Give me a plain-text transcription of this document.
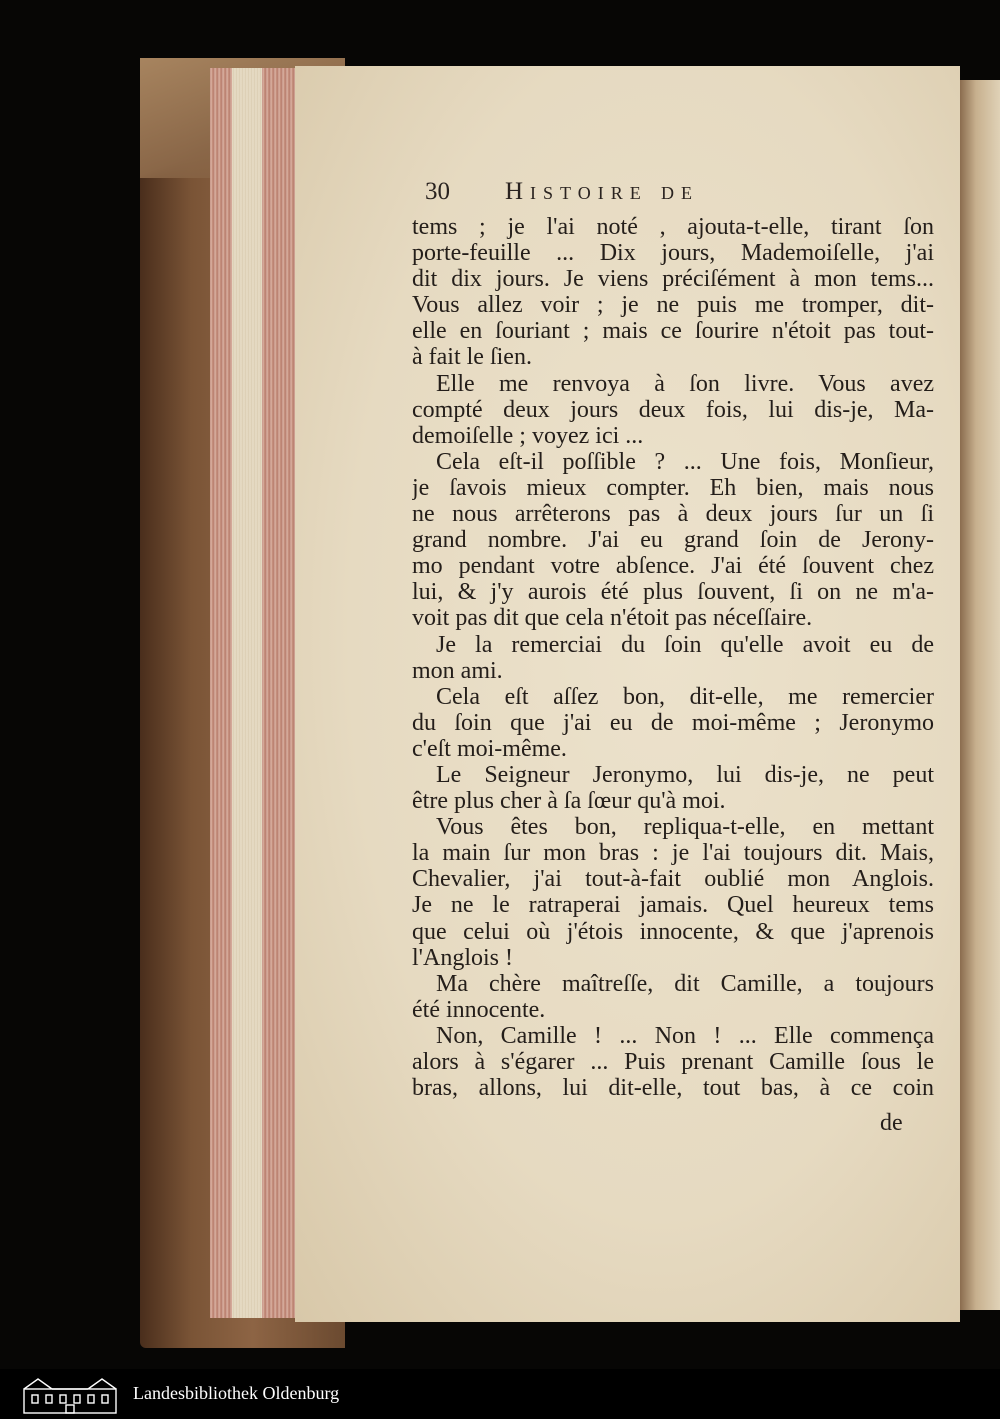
30 Histoire de
tems ; je l'ai noté , ajouta-t-elle, tirant ſon
porte-feuille ... Dix jours, Mademoiſelle, j'ai
dit dix jours. Je viens préciſément à mon tems...
Vous allez voir ; je ne puis me tromper, dit-
elle en ſouriant ; mais ce ſourire n'étoit pas tout-
à fait le ſien.
Elle me renvoya à ſon livre. Vous avez
compté deux jours deux fois, lui dis-je, Ma-
demoiſelle ; voyez ici ...
Cela eſt-il poſſible ? ... Une fois, Monſieur,
je ſavois mieux compter. Eh bien, mais nous
ne nous arrêterons pas à deux jours ſur un ſi
grand nombre. J'ai eu grand ſoin de Jerony-
mo pendant votre abſence. J'ai été ſouvent chez
lui, & j'y aurois été plus ſouvent, ſi on ne m'a-
voit pas dit que cela n'étoit pas néceſſaire.
Je la remerciai du ſoin qu'elle avoit eu de
mon ami.
Cela eſt aſſez bon, dit-elle, me remercier
du ſoin que j'ai eu de moi-même ; Jeronymo
c'eſt moi-même.
Le Seigneur Jeronymo, lui dis-je, ne peut
être plus cher à ſa ſœur qu'à moi.
Vous êtes bon, repliqua-t-elle, en mettant
la main ſur mon bras : je l'ai toujours dit. Mais,
Chevalier, j'ai tout-à-fait oublié mon Anglois.
Je ne le ratraperai jamais. Quel heureux tems
que celui où j'étois innocente, & que j'aprenois
l'Anglois !
Ma chère maîtreſſe, dit Camille, a toujours
été innocente.
Non, Camille ! ... Non ! ... Elle commença
alors à s'égarer ... Puis prenant Camille ſous le
bras, allons, lui dit-elle, tout bas, à ce coin
de
Landesbibliothek Oldenburg
